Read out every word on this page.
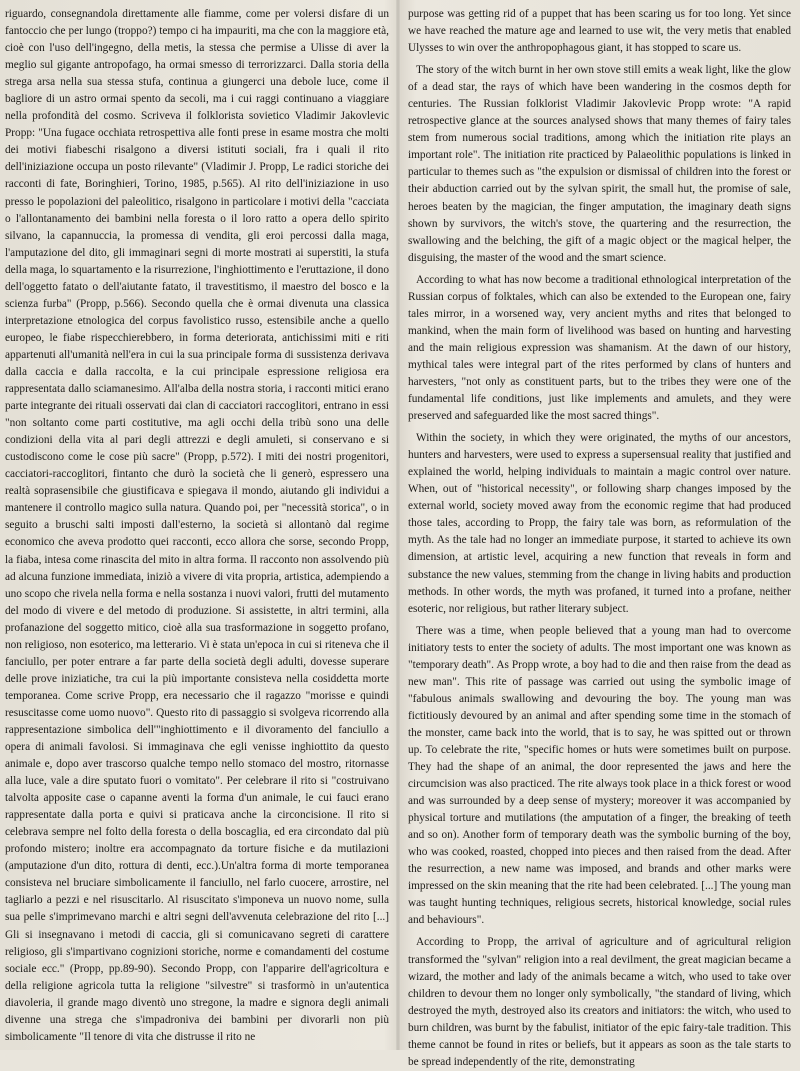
riguardo, consegnandola direttamente alle fiamme, come per volersi disfare di un fantoccio che per lungo (troppo?) tempo ci ha impauriti, ma che con la maggiore età, cioè con l'uso dell'ingegno, della metis, la stessa che permise a Ulisse di aver la meglio sul gigante antropofago, ha ormai smesso di terrorizzarci. Dalla storia della strega arsa nella sua stessa stufa, continua a giungerci una debole luce, come il bagliore di un astro ormai spento da secoli, ma i cui raggi continuano a viaggiare nella profondità del cosmo. Scriveva il folklorista sovietico Vladimir Jakovlevic Propp: "Una fugace occhiata retrospettiva alle fonti prese in esame mostra che molti dei motivi fiabeschi risalgono a diversi istituti sociali, fra i quali il rito dell'iniziazione occupa un posto rilevante" (Vladimir J. Propp, Le radici storiche dei racconti di fate, Boringhieri, Torino, 1985, p.565). Al rito dell'iniziazione in uso presso le popolazioni del paleolitico, risalgono in particolare i motivi della "cacciata o l'allontanamento dei bambini nella foresta o il loro ratto a opera dello spirito silvano, la capannuccia, la promessa di vendita, gli eroi percossi dalla maga, l'amputazione del dito, gli immaginari segni di morte mostrati ai superstiti, la stufa della maga, lo squartamento e la risurrezione, l'inghiottimento e l'eruttazione, il dono dell'oggetto fatato o dell'aiutante fatato, il travestitismo, il maestro del bosco e la scienza furba" (Propp, p.566). Secondo quella che è ormai divenuta una classica interpretazione etnologica del corpus favolistico russo, estensibile anche a quello europeo, le fiabe rispecchierebbero, in forma deteriorata, antichissimi miti e riti appartenuti all'umanità nell'era in cui la sua principale forma di sussistenza derivava dalla caccia e dalla raccolta, e la cui principale espressione religiosa era rappresentata dallo sciamanesimo. All'alba della nostra storia, i racconti mitici erano parte integrante dei rituali osservati dai clan di cacciatori raccoglitori, entrano in essi "non soltanto come parti costitutive, ma agli occhi della tribù sono una delle condizioni della vita al pari degli attrezzi e degli amuleti, si conservano e si custodiscono come le cose più sacre" (Propp, p.572). I miti dei nostri progenitori, cacciatori-raccoglitori, fintanto che durò la società che li generò, espressero una realtà soprasensibile che giustificava e spiegava il mondo, aiutando gli individui a mantenere il controllo magico sulla natura. Quando poi, per "necessità storica", o in seguito a bruschi salti imposti dall'esterno, la società si allontanò dal regime economico che aveva prodotto quei racconti, ecco allora che sorse, secondo Propp, la fiaba, intesa come rinascita del mito in altra forma. Il racconto non assolvendo più ad alcuna funzione immediata, iniziò a vivere di vita propria, artistica, adempiendo a uno scopo che rivela nella forma e nella sostanza i nuovi valori, frutti del mutamento del modo di vivere e del metodo di produzione. Si assistette, in altri termini, alla profanazione del soggetto mitico, cioè alla sua trasformazione in soggetto profano, non religioso, non esoterico, ma letterario. Vi è stata un'epoca in cui si riteneva che il fanciullo, per poter entrare a far parte della società degli adulti, dovesse superare delle prove iniziatiche, tra cui la più importante consisteva nella cosiddetta morte temporanea. Come scrive Propp, era necessario che il ragazzo "morisse e quindi resuscitasse come uomo nuovo". Questo rito di passaggio si svolgeva ricorrendo alla rappresentazione simbolica dell'"inghiottimento e il divoramento del fanciullo a opera di animali favolosi. Si immaginava che egli venisse inghiottito da questo animale e, dopo aver trascorso qualche tempo nello stomaco del mostro, ritornasse alla luce, vale a dire sputato fuori o vomitato". Per celebrare il rito si "costruivano talvolta apposite case o capanne aventi la forma d'un animale, le cui fauci erano rappresentate dalla porta e quivi si praticava anche la circoncisione. Il rito si celebrava sempre nel folto della foresta o della boscaglia, ed era circondato dal più profondo mistero; inoltre era accompagnato da torture fisiche e da mutilazioni (amputazione d'un dito, rottura di denti, ecc.).Un'altra forma di morte temporanea consisteva nel bruciare simbolicamente il fanciullo, nel farlo cuocere, arrostire, nel tagliarlo a pezzi e nel risuscitarlo. Al risuscitato s'imponeva un nuovo nome, sulla sua pelle s'imprimevano marchi e altri segni dell'avvenuta celebrazione del rito [...] Gli si insegnavano i metodi di caccia, gli si comunicavano segreti di carattere religioso, gli s'impartivano cognizioni storiche, norme e comandamenti del costume sociale ecc." (Propp, pp.89-90). Secondo Propp, con l'apparire dell'agricoltura e della religione agricola tutta la religione "silvestre" si trasformò in un'autentica diavoleria, il grande mago diventò uno stregone, la madre e signora degli animali divenne una strega che s'impadroniva dei bambini per divorarli non più simbolicamente "Il tenore di vita che distrusse il rito ne

purpose was getting rid of a puppet that has been scaring us for too long. Yet since we have reached the mature age and learned to use wit, the very metis that enabled Ulysses to win over the anthropophagous giant, it has stopped to scare us.

The story of the witch burnt in her own stove still emits a weak light, like the glow of a dead star, the rays of which have been wandering in the cosmos depth for centuries. The Russian folklorist Vladimir Jakovlevic Propp wrote: "A rapid retrospective glance at the sources analysed shows that many themes of fairy tales stem from numerous social traditions, among which the initiation rite plays an important role". The initiation rite practiced by Palaeolithic populations is linked in particular to themes such as "the expulsion or dismissal of children into the forest or their abduction carried out by the sylvan spirit, the small hut, the promise of sale, heroes beaten by the magician, the finger amputation, the imaginary death signs shown by survivors, the witch's stove, the quartering and the resurrection, the swallowing and the belching, the gift of a magic object or the magical helper, the disguising, the master of the wood and the smart science.

According to what has now become a traditional ethnological interpretation of the Russian corpus of folktales, which can also be extended to the European one, fairy tales mirror, in a worsened way, very ancient myths and rites that belonged to mankind, when the main form of livelihood was based on hunting and harvesting and the main religious expression was shamanism. At the dawn of our history, mythical tales were integral part of the rites performed by clans of hunters and harvesters, "not only as constituent parts, but to the tribes they were one of the fundamental life conditions, just like implements and amulets, and they were preserved and safeguarded like the most sacred things".

Within the society, in which they were originated, the myths of our ancestors, hunters and harvesters, were used to express a supersensual reality that justified and explained the world, helping individuals to maintain a magic control over nature. When, out of "historical necessity", or following sharp changes imposed by the external world, society moved away from the economic regime that had produced those tales, according to Propp, the fairy tale was born, as reformulation of the myth. As the tale had no longer an immediate purpose, it started to achieve its own dimension, at artistic level, acquiring a new function that reveals in form and substance the new values, stemming from the change in living habits and production methods. In other words, the myth was profaned, it turned into a profane, neither esoteric, nor religious, but rather literary subject.

There was a time, when people believed that a young man had to overcome initiatory tests to enter the society of adults. The most important one was known as "temporary death". As Propp wrote, a boy had to die and then raise from the dead as new man". This rite of passage was carried out using the symbolic image of "fabulous animals swallowing and devouring the boy. The young man was fictitiously devoured by an animal and after spending some time in the stomach of the monster, came back into the world, that is to say, he was spitted out or thrown up. To celebrate the rite, "specific homes or huts were sometimes built on purpose. They had the shape of an animal, the door represented the jaws and here the circumcision was also practiced. The rite always took place in a thick forest or wood and was surrounded by a deep sense of mystery; moreover it was accompanied by physical torture and mutilations (the amputation of a finger, the breaking of teeth and so on). Another form of temporary death was the symbolic burning of the boy, who was cooked, roasted, chopped into pieces and then raised from the dead. After the resurrection, a new name was imposed, and brands and other marks were impressed on the skin meaning that the rite had been celebrated. [...] The young man was taught hunting techniques, religious secrets, historical knowledge, social rules and behaviours".

According to Propp, the arrival of agriculture and of agricultural religion transformed the "sylvan" religion into a real devilment, the great magician became a wizard, the mother and lady of the animals became a witch, who used to take over children to devour them no longer only symbolically, "the standard of living, which destroyed the myth, destroyed also its creators and initiators: the witch, who used to burn children, was burnt by the fabulist, initiator of the epic fairy-tale tradition. This theme cannot be found in rites or beliefs, but it appears as soon as the tale starts to be spread independently of the rite, demonstrating
